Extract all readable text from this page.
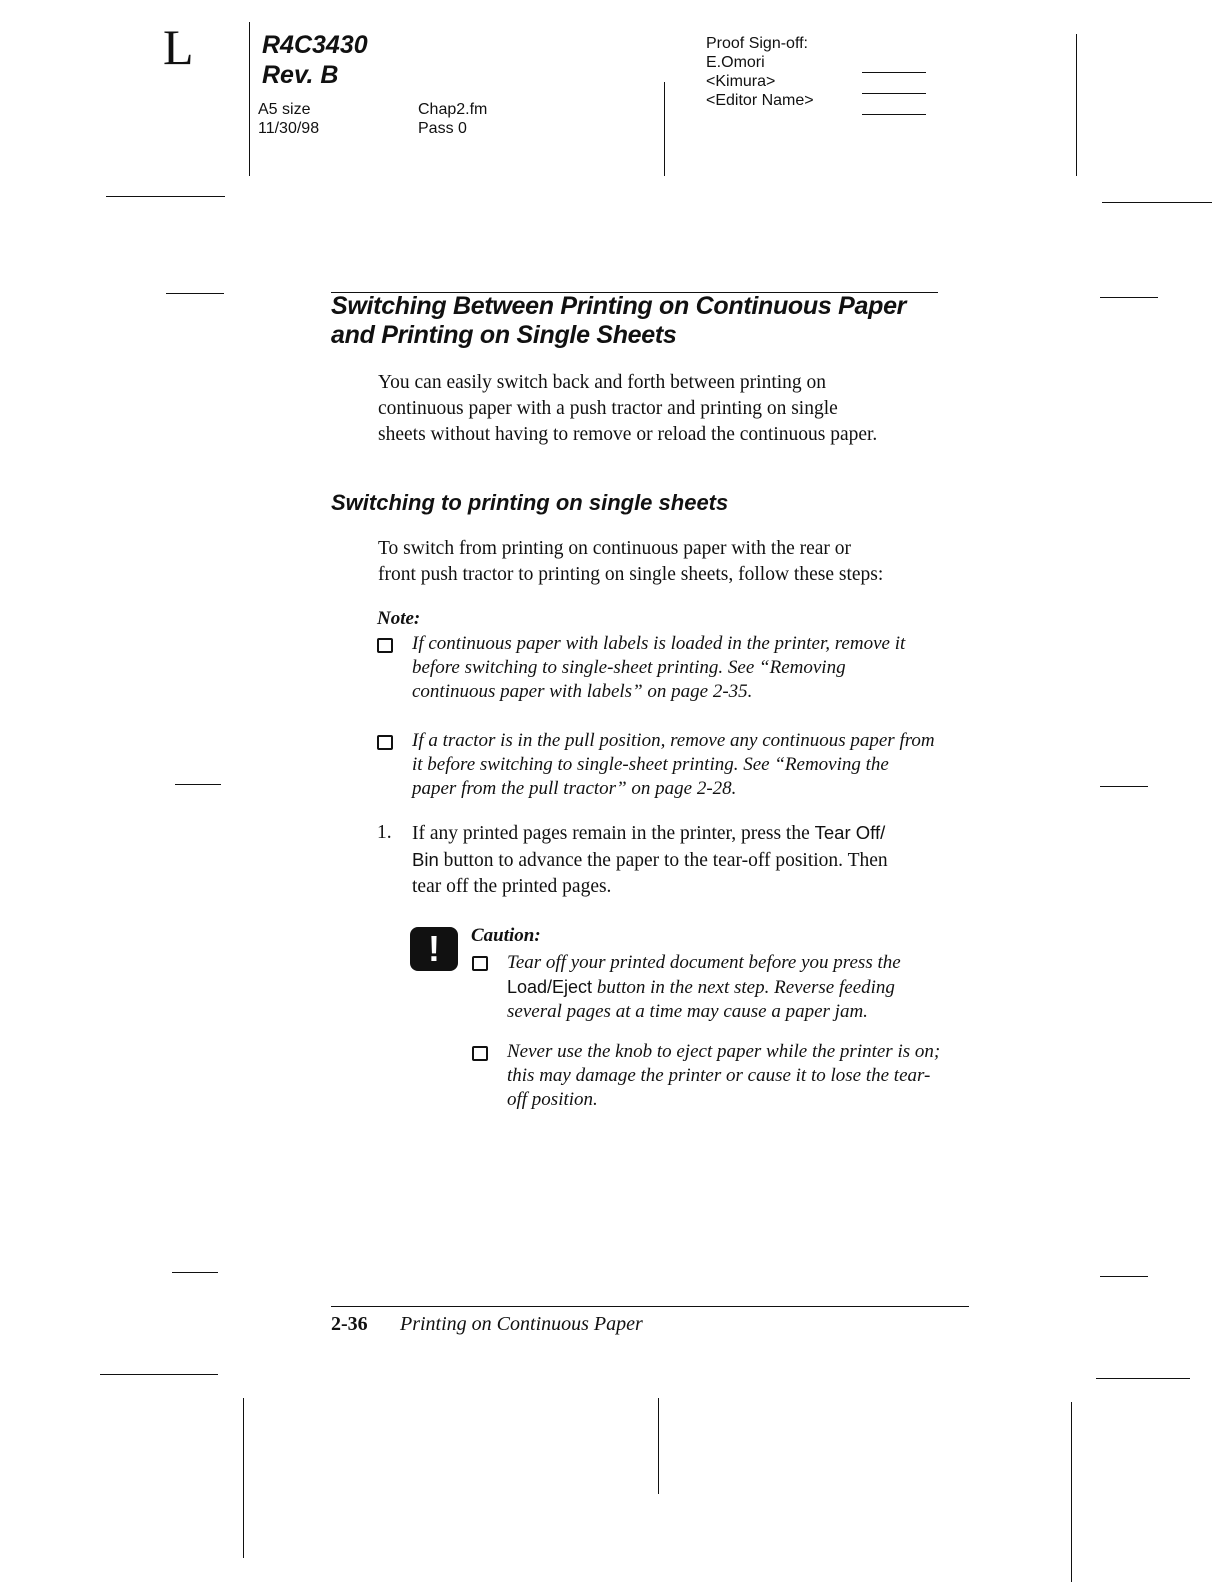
L	R4C3430
Rev. B
A5 size
11/30/98
Chap2.fm
Pass 0
Proof Sign-off:
E.Omori
<Kimura>
<Editor Name>
Switching Between Printing on Continuous Paper
and Printing on Single Sheets
You can easily switch back and forth between printing on
continuous paper with a push tractor and printing on single
sheets without having to remove or reload the continuous paper.
Switching to printing on single sheets
To switch from printing on continuous paper with the rear or
front push tractor to printing on single sheets, follow these steps:
Note:
If continuous paper with labels is loaded in the printer, remove it
before switching to single-sheet printing. See “Removing
continuous paper with labels” on page 2-35.
If a tractor is in the pull position, remove any continuous paper from
it before switching to single-sheet printing. See “Removing the
paper from the pull tractor” on page 2-28.
1. If any printed pages remain in the printer, press the Tear Off/
Bin button to advance the paper to the tear-off position. Then
tear off the printed pages.
!	Caution:
Tear off your printed document before you press the
Load/Eject button in the next step. Reverse feeding
several pages at a time may cause a paper jam.
Never use the knob to eject paper while the printer is on;
this may damage the printer or cause it to lose the tear-
off position.
2-36 Printing on Continuous Paper
